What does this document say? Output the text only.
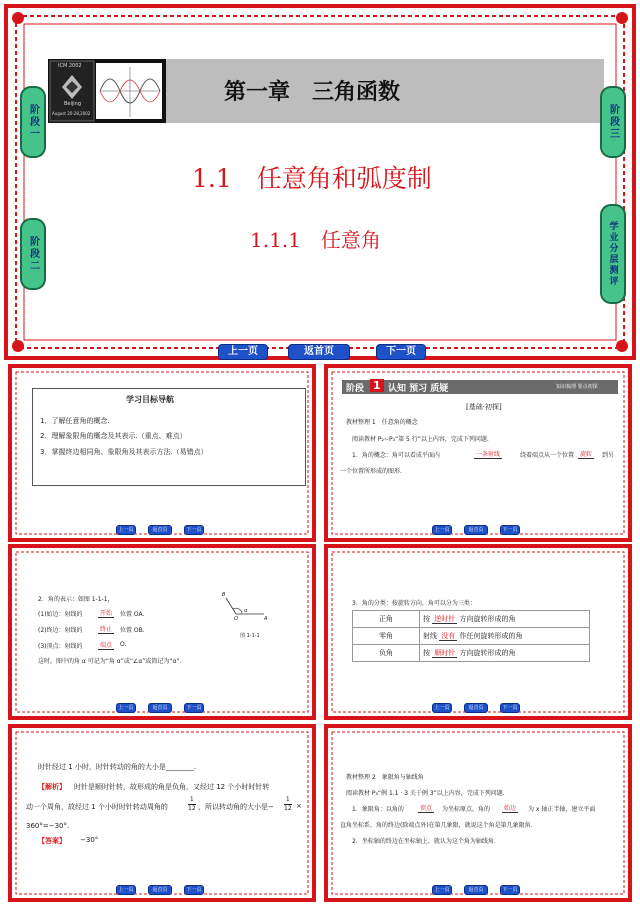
第一章　三角函数
ICM 2002
Beijing
August 20-28,2002
1.1　任意角和弧度制
1.1.1　任意角
阶段一
阶段二
阶段三
学业分层测评
上一页	返首页	下一页
学习目标导航
1．了解任意角的概念.
2．理解象限角的概念及其表示.（重点、难点）
3．掌握终边相同角、象限角及其表示方法.（易错点）
上一页	返首页	下一页
阶段 1 认知 预习 质疑	知识梳理 要点初探
[基础·初探]
教材整理 1　任意角的概念
阅读教材 P₂~P₃“第 5 行”以上内容，完成下列问题.
1．角的概念：角可以看成平面内	一条射线	绕着端点从一个位置 旋转	到另
一个位置所形成的图形.
上一页	返首页	下一页
2．角的表示：如图 1-1-1，
(1)始边：射线的	开始	位置 OA.
(2)终边：射线的	终止	位置 OB.
(3)顶点：射线的	端点	O.
这时，图中的角 α 可记为“角 α”或“∠α”或简记为“α”.
B
α
O	A
图 1-1-1
上一页	返首页	下一页
3．角的分类：按旋转方向，角可以分为三类：
正角	按 逆时针 方向旋转形成的角
零角	射线 没有 作任何旋转形成的角
负角	按 顺时针 方向旋转形成的角
上一页	返首页	下一页
时针经过 1 小时，时针转动的角的大小是________.
【解析】 时针是顺时针转，故形成的角是负角，又经过 12 个小时时针转
动一个周角，故经过 1 个小时时针转动周角的	$\frac{1}{12}$ ，所以转动角的大小是− $\frac{1}{12}$ ×
360°=−30°.
【答案】 −30°
上一页	返首页	下一页
教材整理 2　象限角与轴线角
阅读教材 P₃“例 1.1 · 3 关于例 3”以上内容，完成下列问题.
1．象限角：以角的	顶点	为坐标原点，角的	始边	为 x 轴正半轴，建立平面
直角坐标系，角的终边(除端点外)在第几象限，就说这个角是第几象限角.
2．坐标轴的终边在坐标轴上，就认为这个角为轴线角.
上一页	返首页	下一页
